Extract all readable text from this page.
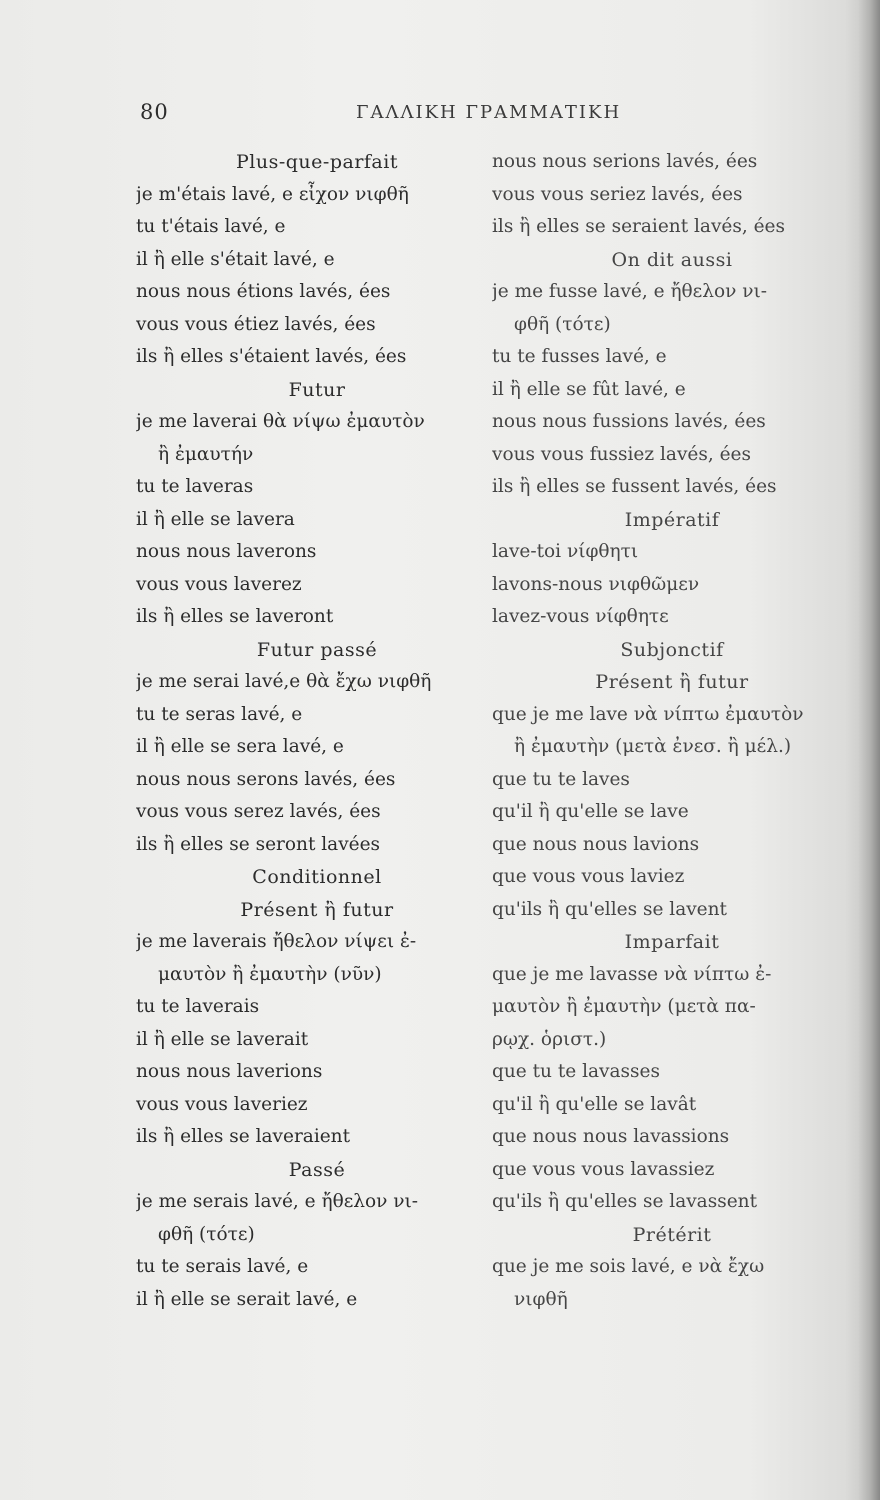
80	ΓΑΛΛΙΚΗ ΓΡΑΜΜΑΤΙΚΗ
Plus-que-parfait
je m'étais lavé, e εἶχον νιφθῆ
tu t'étais lavé, e
il ἢ elle s'était lavé, e
nous nous étions lavés, ées
vous vous étiez lavés, ées
ils ἢ elles s'étaient lavés, ées
Futur
je me laverai θὰ νίψω ἐμαυτὸν
ἢ ἐμαυτήν
tu te laveras
il ἢ elle se lavera
nous nous laverons
vous vous laverez
ils ἢ elles se laveront
Futur passé
je me serai lavé,e θὰ ἔχω νιφθῆ
tu te seras lavé, e
il ἢ elle se sera lavé, e
nous nous serons lavés, ées
vous vous serez lavés, ées
ils ἢ elles se seront lavées
Conditionnel
Présent ἢ futur
je me laverais ἤθελον νίψει ἐ-
μαυτὸν ἢ ἐμαυτὴν (νῦν)
tu te laverais
il ἢ elle se laverait
nous nous laverions
vous vous laveriez
ils ἢ elles se laveraient
Passé
je me serais lavé, e ἤθελον νι-
φθῆ (τότε)
tu te serais lavé, e
il ἢ elle se serait lavé, e
nous nous serions lavés, ées
vous vous seriez lavés, ées
ils ἢ elles se seraient lavés, ées
On dit aussi
je me fusse lavé, e ἤθελον νι-
φθῆ (τότε)
tu te fusses lavé, e
il ἢ elle se fût lavé, e
nous nous fussions lavés, ées
vous vous fussiez lavés, ées
ils ἢ elles se fussent lavés, ées
Impératif
lave-toi νίφθητι
lavons-nous νιφθῶμεν
lavez-vous νίφθητε
Subjonctif
Présent ἢ futur
que je me lave νὰ νίπτω ἐμαυτὸν
ἢ ἐμαυτὴν (μετὰ ἐνεσ. ἢ μέλ.)
que tu te laves
qu'il ἢ qu'elle se lave
que nous nous lavions
que vous vous laviez
qu'ils ἢ qu'elles se lavent
Imparfait
que je me lavasse νὰ νίπτω ἐ-
μαυτὸν ἢ ἐμαυτὴν (μετὰ πα-
ρῳχ. ὁριστ.)
que tu te lavasses
qu'il ἢ qu'elle se lavât
que nous nous lavassions
que vous vous lavassiez
qu'ils ἢ qu'elles se lavassent
Prétérit
que je me sois lavé, e νὰ ἔχω
νιφθῆ
